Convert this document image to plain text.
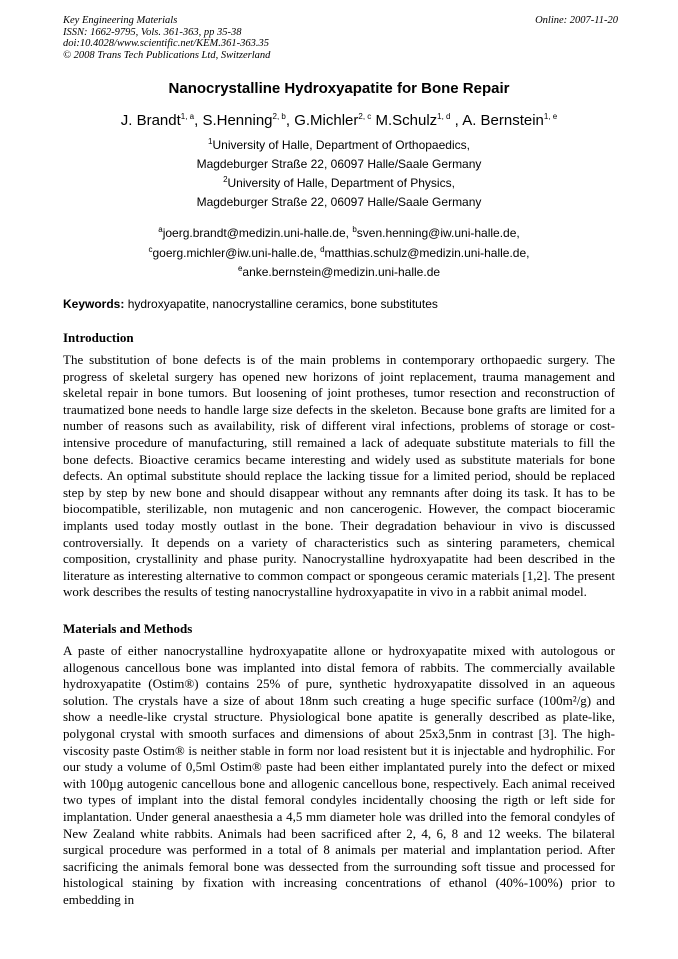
Key Engineering Materials
ISSN: 1662-9795, Vols. 361-363, pp 35-38
doi:10.4028/www.scientific.net/KEM.361-363.35
© 2008 Trans Tech Publications Ltd, Switzerland
Online: 2007-11-20
Nanocrystalline Hydroxyapatite for Bone Repair
J. Brandt$^{1, a}$, S.Henning$^{2, b}$, G.Michler$^{2, c}$ M.Schulz$^{1, d}$ , A. Bernstein$^{1, e}$
$^1$University of Halle, Department of Orthopaedics,
Magdeburger Straße 22, 06097 Halle/Saale Germany
$^2$University of Halle, Department of Physics,
Magdeburger Straße 22, 06097 Halle/Saale Germany
$^a$joerg.brandt@medizin.uni-halle.de, $^b$sven.henning@iw.uni-halle.de,
$^c$goerg.michler@iw.uni-halle.de, $^d$matthias.schulz@medizin.uni-halle.de,
$^e$anke.bernstein@medizin.uni-halle.de
Keywords: hydroxyapatite, nanocrystalline ceramics, bone substitutes
Introduction
The substitution of bone defects is of the main problems in contemporary orthopaedic surgery. The progress of skeletal surgery has opened new horizons of joint replacement, trauma management and skeletal repair in bone tumors. But loosening of joint protheses, tumor resection and reconstruction of traumatized bone needs to handle large size defects in the skeleton. Because bone grafts are limited for a number of reasons such as availability, risk of different viral infections, problems of storage or cost-intensive procedure of manufacturing, still remained a lack of adequate substitute materials to fill the bone defects. Bioactive ceramics became interesting and widely used as substitute materials for bone defects. An optimal substitute should replace the lacking tissue for a limited period, should be replaced step by step by new bone and should disappear without any remnants after doing its task. It has to be biocompatible, sterilizable, non mutagenic and non cancerogenic. However, the compact bioceramic implants used today mostly outlast in the bone. Their degradation behaviour in vivo is discussed controversially. It depends on a variety of characteristics such as sintering parameters, chemical composition, crystallinity and phase purity. Nanocrystalline hydroxyapatite had been described in the literature as interesting alternative to common compact or spongeous ceramic materials [1,2]. The present work describes the results of testing nanocrystalline hydroxyapatite in vivo in a rabbit animal model.
Materials and Methods
A paste of either nanocrystalline hydroxyapatite allone or hydroxyapatite mixed with autologous or allogenous cancellous bone was implanted into distal femora of rabbits. The commercially available hydroxyapatite (Ostim®) contains 25% of pure, synthetic hydroxyapatite dissolved in an aqueous solution. The crystals have a size of about 18nm such creating a huge specific surface (100m²/g) and show a needle-like crystal structure. Physiological bone apatite is generally described as plate-like, polygonal crystal with smooth surfaces and dimensions of about 25x3,5nm in contrast [3]. The high-viscosity paste Ostim® is neither stable in form nor load resistent but it is injectable and hydrophilic. For our study a volume of 0,5ml Ostim® paste had been either implantated purely into the defect or mixed with 100µg autogenic cancellous bone and allogenic cancellous bone, respectively. Each animal received two types of implant into the distal femoral condyles incidentally choosing the rigth or left side for implantation. Under general anaesthesia a 4,5 mm diameter hole was drilled into the femoral condyles of New Zealand white rabbits. Animals had been sacrificed after 2, 4, 6, 8 and 12 weeks. The bilateral surgical procedure was performed in a total of 8 animals per material and implantation period. After sacrificing the animals femoral bone was dessected from the surrounding soft tissue and processed for histological staining by fixation with increasing concentrations of ethanol (40%-100%) prior to embedding in
